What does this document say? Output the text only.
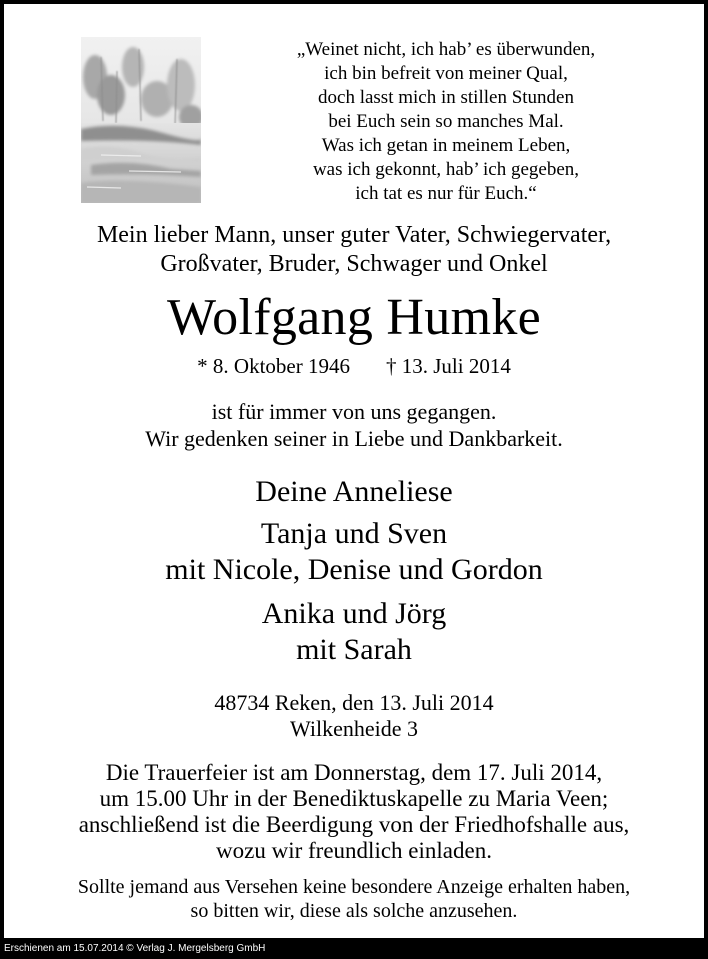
„Weinet nicht, ich hab’ es überwunden,
ich bin befreit von meiner Qual,
doch lasst mich in stillen Stunden
bei Euch sein so manches Mal.
Was ich getan in meinem Leben,
was ich gekonnt, hab’ ich gegeben,
ich tat es nur für Euch.“
Mein lieber Mann, unser guter Vater, Schwiegervater,
Großvater, Bruder, Schwager und Onkel
Wolfgang Humke
* 8. Oktober 1946 † 13. Juli 2014
ist für immer von uns gegangen.
Wir gedenken seiner in Liebe und Dankbarkeit.
Deine Anneliese
Tanja und Sven
mit Nicole, Denise und Gordon
Anika und Jörg
mit Sarah
48734 Reken, den 13. Juli 2014
Wilkenheide 3
Die Trauerfeier ist am Donnerstag, dem 17. Juli 2014,
um 15.00 Uhr in der Benediktuskapelle zu Maria Veen;
anschließend ist die Beerdigung von der Friedhofshalle aus,
wozu wir freundlich einladen.
Sollte jemand aus Versehen keine besondere Anzeige erhalten haben,
so bitten wir, diese als solche anzusehen.
Erschienen am 15.07.2014 © Verlag J. Mergelsberg GmbH
